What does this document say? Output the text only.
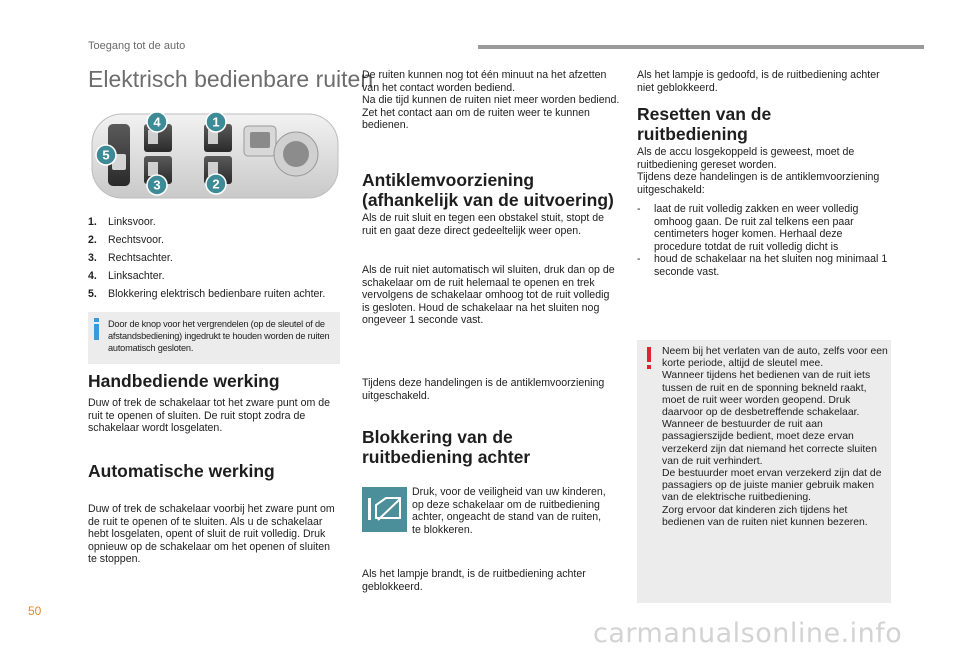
Toegang tot de auto
Elektrisch bedienbare ruiten
4	1
5
3	2
1. Linksvoor.
2. Rechtsvoor.
3. Rechtsachter.
4. Linksachter.
5.	Blokkering elektrisch bedienbare ruiten achter.
Door de knop voor het vergrendelen (op de sleutel of de afstandsbediening) ingedrukt te houden worden de ruiten automatisch gesloten.
Handbediende werking

Duw of trek de schakelaar tot het zware punt om de ruit te openen of sluiten. De ruit stopt zodra de schakelaar wordt losgelaten.

Automatische werking

Duw of trek de schakelaar voorbij het zware punt om de ruit te openen of te sluiten. Als u de schakelaar hebt losgelaten, opent of sluit de ruit volledig. Druk opnieuw op de schakelaar om het openen of sluiten te stoppen.

De ruiten kunnen nog tot één minuut na het afzetten van het contact worden bediend.
Na die tijd kunnen de ruiten niet meer worden bediend. Zet het contact aan om de ruiten weer te kunnen bedienen.

Antiklemvoorziening (afhankelijk van de uitvoering)

Als de ruit sluit en tegen een obstakel stuit, stopt de ruit en gaat deze direct gedeeltelijk weer open.

Als de ruit niet automatisch wil sluiten, druk dan op de schakelaar om de ruit helemaal te openen en trek vervolgens de schakelaar omhoog tot de ruit volledig is gesloten. Houd de schakelaar na het sluiten nog ongeveer 1 seconde vast.

Tijdens deze handelingen is de antiklemvoorziening uitgeschakeld.

Blokkering van de ruitbediening achter

Druk, voor de veiligheid van uw kinderen, op deze schakelaar om de ruitbediening achter, ongeacht de stand van de ruiten, te blokkeren.

Als het lampje brandt, is de ruitbediening achter geblokkeerd.

Als het lampje is gedoofd, is de ruitbediening achter niet geblokkeerd.

Resetten van de ruitbediening

Als de accu losgekoppeld is geweest, moet de ruitbediening gereset worden.
Tijdens deze handelingen is de antiklemvoorziening uitgeschakeld:

- laat de ruit volledig zakken en weer volledig omhoog gaan. De ruit zal telkens een paar centimeters hoger komen. Herhaal deze procedure totdat de ruit volledig dicht is
- houd de schakelaar na het sluiten nog minimaal 1 seconde vast.

Neem bij het verlaten van de auto, zelfs voor een korte periode, altijd de sleutel mee.
Wanneer tijdens het bedienen van de ruit iets tussen de ruit en de sponning bekneld raakt, moet de ruit weer worden geopend. Druk daarvoor op de desbetreffende schakelaar.
Wanneer de bestuurder de ruit aan passagierszijde bedient, moet deze ervan verzekerd zijn dat niemand het correcte sluiten van de ruit verhindert.
De bestuurder moet ervan verzekerd zijn dat de passagiers op de juiste manier gebruik maken van de elektrische ruitbediening.
Zorg ervoor dat kinderen zich tijdens het bedienen van de ruiten niet kunnen bezeren.

50
carmanualsonline.info
